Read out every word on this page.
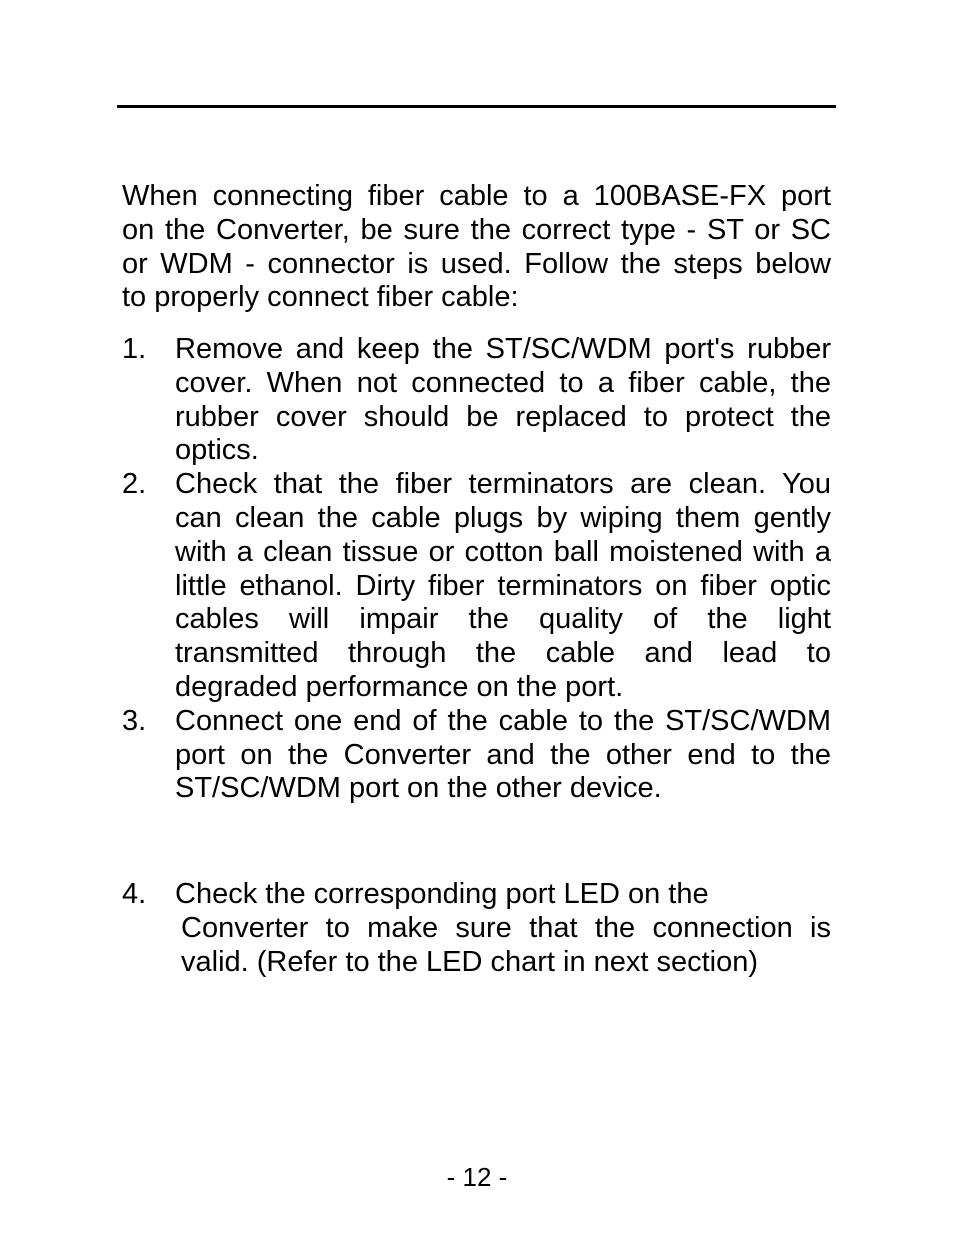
When connecting fiber cable to a 100BASE-FX port
on the Converter, be sure the correct type - ST or SC
or WDM - connector is used. Follow the steps below
to properly connect fiber cable:
1. Remove and keep the ST/SC/WDM port's rubber
cover. When not connected to a fiber cable, the
rubber cover should be replaced to protect the
optics.
2. Check that the fiber terminators are clean. You
can clean the cable plugs by wiping them gently
with a clean tissue or cotton ball moistened with a
little ethanol. Dirty fiber terminators on fiber optic
cables will impair the quality of the light
transmitted through the cable and lead to
degraded performance on the port.
3. Connect one end of the cable to the ST/SC/WDM
port on the Converter and the other end to the
ST/SC/WDM port on the other device.
4. Check the corresponding port LED on the
Converter to make sure that the connection is
valid. (Refer to the LED chart in next section)
- 12 -
